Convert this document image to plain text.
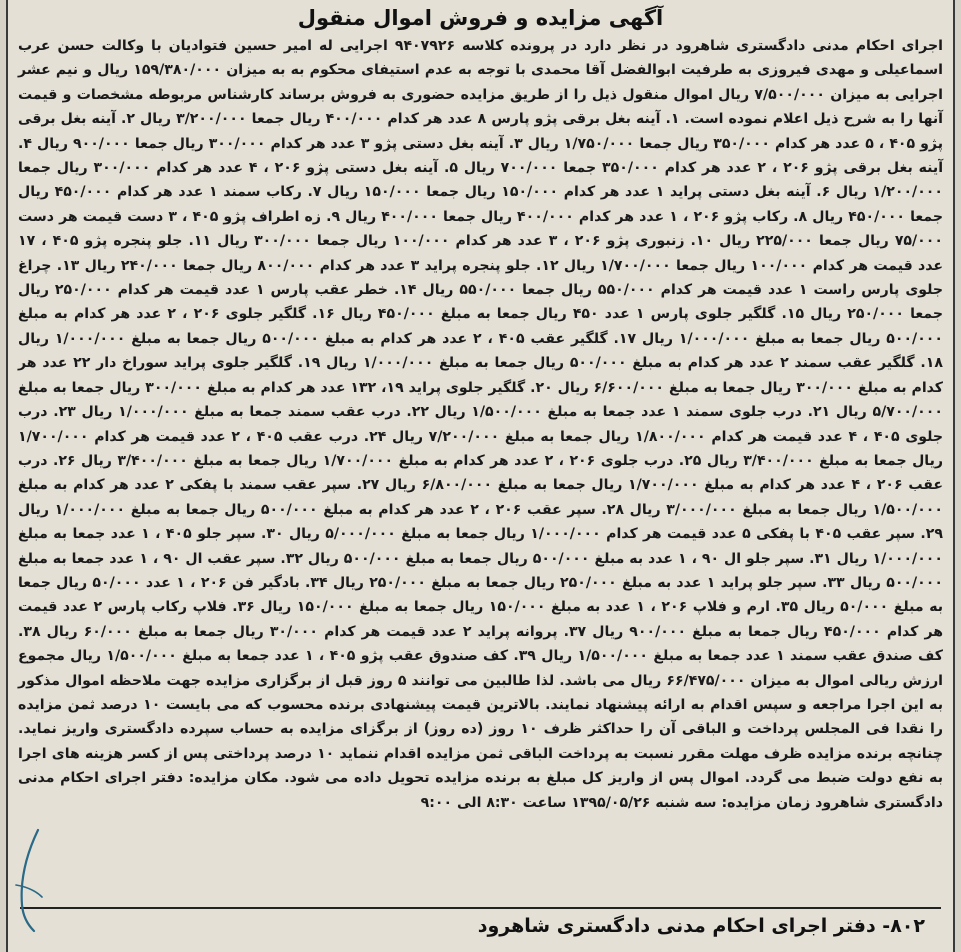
آگهی مزایده و فروش اموال منقول
اجرای احکام مدنی دادگستری شاهرود در نظر دارد در پرونده کلاسه ۹۴۰۷۹۲۶ اجرایی له امیر حسین فتوادیان با وکالت حسن عرب اسماعیلی و مهدی فیروزی به طرفیت ابوالفضل آقا محمدی با توجه به عدم استیفای محکوم به به میزان ۱۵۹/۳۸۰/۰۰۰ ریال و نیم عشر اجرایی به میزان ۷/۵۰۰/۰۰۰ ریال اموال منقول ذیل را از طریق مزایده حضوری به فروش برساند کارشناس مربوطه مشخصات و قیمت آنها را به شرح ذیل اعلام نموده است. ۱. آینه بغل برقی پژو پارس ۸ عدد هر کدام ۴۰۰/۰۰۰ ریال جمعا ۳/۲۰۰/۰۰۰ ریال ۲. آینه بغل برقی پژو ۴۰۵ ، ۵ عدد هر کدام ۳۵۰/۰۰۰ ریال جمعا ۱/۷۵۰/۰۰۰ ریال ۳. آینه بغل دستی پژو ۳ عدد هر کدام ۳۰۰/۰۰۰ ریال جمعا ۹۰۰/۰۰۰ ریال ۴. آینه بغل برقی پژو ۲۰۶ ، ۲ عدد هر کدام ۳۵۰/۰۰۰ جمعا ۷۰۰/۰۰۰ ریال ۵. آینه بغل دستی پژو ۲۰۶ ، ۴ عدد هر کدام ۳۰۰/۰۰۰ ریال جمعا ۱/۲۰۰/۰۰۰ ریال ۶. آینه بغل دستی پراید ۱ عدد هر کدام ۱۵۰/۰۰۰ ریال جمعا ۱۵۰/۰۰۰ ریال ۷. رکاب سمند ۱ عدد هر کدام ۴۵۰/۰۰۰ ریال جمعا ۴۵۰/۰۰۰ ریال ۸. رکاب پژو ۲۰۶ ، ۱ عدد هر کدام ۴۰۰/۰۰۰ ریال جمعا ۴۰۰/۰۰۰ ریال ۹. زه اطراف پژو ۴۰۵ ، ۳ دست قیمت هر دست ۷۵/۰۰۰ ریال جمعا ۲۲۵/۰۰۰ ریال ۱۰. زنبوری پژو ۲۰۶ ، ۳ عدد هر کدام ۱۰۰/۰۰۰ ریال جمعا ۳۰۰/۰۰۰ ریال ۱۱. جلو پنجره پژو ۴۰۵ ، ۱۷ عدد قیمت هر کدام ۱۰۰/۰۰۰ ریال جمعا ۱/۷۰۰/۰۰۰ ریال ۱۲. جلو پنجره پراید ۳ عدد هر کدام ۸۰۰/۰۰۰ ریال جمعا ۲۴۰/۰۰۰ ریال ۱۳. چراغ جلوی پارس راست ۱ عدد قیمت هر کدام ۵۵۰/۰۰۰ ریال جمعا ۵۵۰/۰۰۰ ریال ۱۴. خطر عقب پارس ۱ عدد قیمت هر کدام ۲۵۰/۰۰۰ ریال جمعا ۲۵۰/۰۰۰ ریال ۱۵. گلگیر جلوی پارس ۱ عدد ۴۵۰ ریال جمعا به مبلغ ۴۵۰/۰۰۰ ریال ۱۶. گلگیر جلوی ۲۰۶ ، ۲ عدد هر کدام به مبلغ ۵۰۰/۰۰۰ ریال جمعا به مبلغ ۱/۰۰۰/۰۰۰ ریال ۱۷. گلگیر عقب ۴۰۵ ، ۲ عدد هر کدام به مبلغ ۵۰۰/۰۰۰ ریال جمعا به مبلغ ۱/۰۰۰/۰۰۰ ریال ۱۸. گلگیر عقب سمند ۲ عدد هر کدام به مبلغ ۵۰۰/۰۰۰ ریال جمعا به مبلغ ۱/۰۰۰/۰۰۰ ریال ۱۹. گلگیر جلوی پراید سوراخ دار ۲۲ عدد هر کدام به مبلغ ۳۰۰/۰۰۰ ریال جمعا به مبلغ ۶/۶۰۰/۰۰۰ ریال ۲۰. گلگیر جلوی پراید ۱۹، ۱۳۲ عدد هر کدام به مبلغ ۳۰۰/۰۰۰ ریال جمعا به مبلغ ۵/۷۰۰/۰۰۰ ریال ۲۱. درب جلوی سمند ۱ عدد جمعا به مبلغ ۱/۵۰۰/۰۰۰ ریال ۲۲. درب عقب سمند جمعا به مبلغ ۱/۰۰۰/۰۰۰ ریال ۲۳. درب جلوی ۴۰۵ ، ۴ عدد قیمت هر کدام ۱/۸۰۰/۰۰۰ ریال جمعا به مبلغ ۷/۲۰۰/۰۰۰ ریال ۲۴. درب عقب ۴۰۵ ، ۲ عدد قیمت هر کدام ۱/۷۰۰/۰۰۰ ریال جمعا به مبلغ ۳/۴۰۰/۰۰۰ ریال ۲۵. درب جلوی ۲۰۶ ، ۲ عدد هر کدام به مبلغ ۱/۷۰۰/۰۰۰ ریال جمعا به مبلغ ۳/۴۰۰/۰۰۰ ریال ۲۶. درب عقب ۲۰۶ ، ۴ عدد هر کدام به مبلغ ۱/۷۰۰/۰۰۰ ریال جمعا به مبلغ ۶/۸۰۰/۰۰۰ ریال ۲۷. سپر عقب سمند با پفکی ۲ عدد هر کدام به مبلغ ۱/۵۰۰/۰۰۰ ریال جمعا به مبلغ ۳/۰۰۰/۰۰۰ ریال ۲۸. سپر عقب ۲۰۶ ، ۲ عدد هر کدام به مبلغ ۵۰۰/۰۰۰ ریال جمعا به مبلغ ۱/۰۰۰/۰۰۰ ریال ۲۹. سپر عقب ۴۰۵ با پفکی ۵ عدد قیمت هر کدام ۱/۰۰۰/۰۰۰ ریال جمعا به مبلغ ۵/۰۰۰/۰۰۰ ریال ۳۰. سپر جلو ۴۰۵ ، ۱ عدد جمعا به مبلغ ۱/۰۰۰/۰۰۰ ریال ۳۱. سپر جلو ال ۹۰ ، ۱ عدد به مبلغ ۵۰۰/۰۰۰ ریال جمعا به مبلغ ۵۰۰/۰۰۰ ریال ۳۲. سپر عقب ال ۹۰ ، ۱ عدد جمعا به مبلغ ۵۰۰/۰۰۰ ریال ۳۳. سپر جلو پراید ۱ عدد به مبلغ ۲۵۰/۰۰۰ ریال جمعا به مبلغ ۲۵۰/۰۰۰ ریال ۳۴. بادگیر فن ۲۰۶ ، ۱ عدد ۵۰/۰۰۰ ریال جمعا به مبلغ ۵۰/۰۰۰ ریال ۳۵. ارم و فلاپ ۲۰۶ ، ۱ عدد به مبلغ ۱۵۰/۰۰۰ ریال جمعا به مبلغ ۱۵۰/۰۰۰ ریال ۳۶. فلاپ رکاب پارس ۲ عدد قیمت هر کدام ۴۵۰/۰۰۰ ریال جمعا به مبلغ ۹۰۰/۰۰۰ ریال ۳۷. پروانه پراید ۲ عدد قیمت هر کدام ۳۰/۰۰۰ ریال جمعا به مبلغ ۶۰/۰۰۰ ریال ۳۸. کف صندق عقب سمند ۱ عدد جمعا به مبلغ ۱/۵۰۰/۰۰۰ ریال ۳۹. کف صندوق عقب پژو ۴۰۵ ، ۱ عدد جمعا به مبلغ ۱/۵۰۰/۰۰۰ ریال مجموع ارزش ریالی اموال به میزان ۶۶/۴۷۵/۰۰۰ ریال می باشد. لذا طالبین می توانند ۵ روز قبل از برگزاری مزایده جهت ملاحظه اموال مذکور به این اجرا مراجعه و سپس اقدام به ارائه پیشنهاد نمایند. بالاترین قیمت پیشنهادی برنده محسوب که می بایست ۱۰ درصد ثمن مزایده را نقدا فی المجلس پرداخت و الباقی آن را حداکثر ظرف ۱۰ روز (ده روز) از برگزای مزایده به حساب سپرده دادگستری واریز نماید. چنانچه برنده مزایده ظرف مهلت مقرر نسبت به پرداخت الباقی ثمن مزایده اقدام ننماید ۱۰ درصد پرداختی پس از کسر هزینه های اجرا به نفع دولت ضبط می گردد. اموال پس از واریز کل مبلغ به برنده مزایده تحویل داده می شود. مکان مزایده: دفتر اجرای احکام مدنی دادگستری شاهرود زمان مزایده: سه شنبه ۱۳۹۵/۰۵/۲۶ ساعت ۸:۳۰ الی ۹:۰۰
۸۰۲- دفتر اجرای احکام مدنی دادگستری شاهرود
